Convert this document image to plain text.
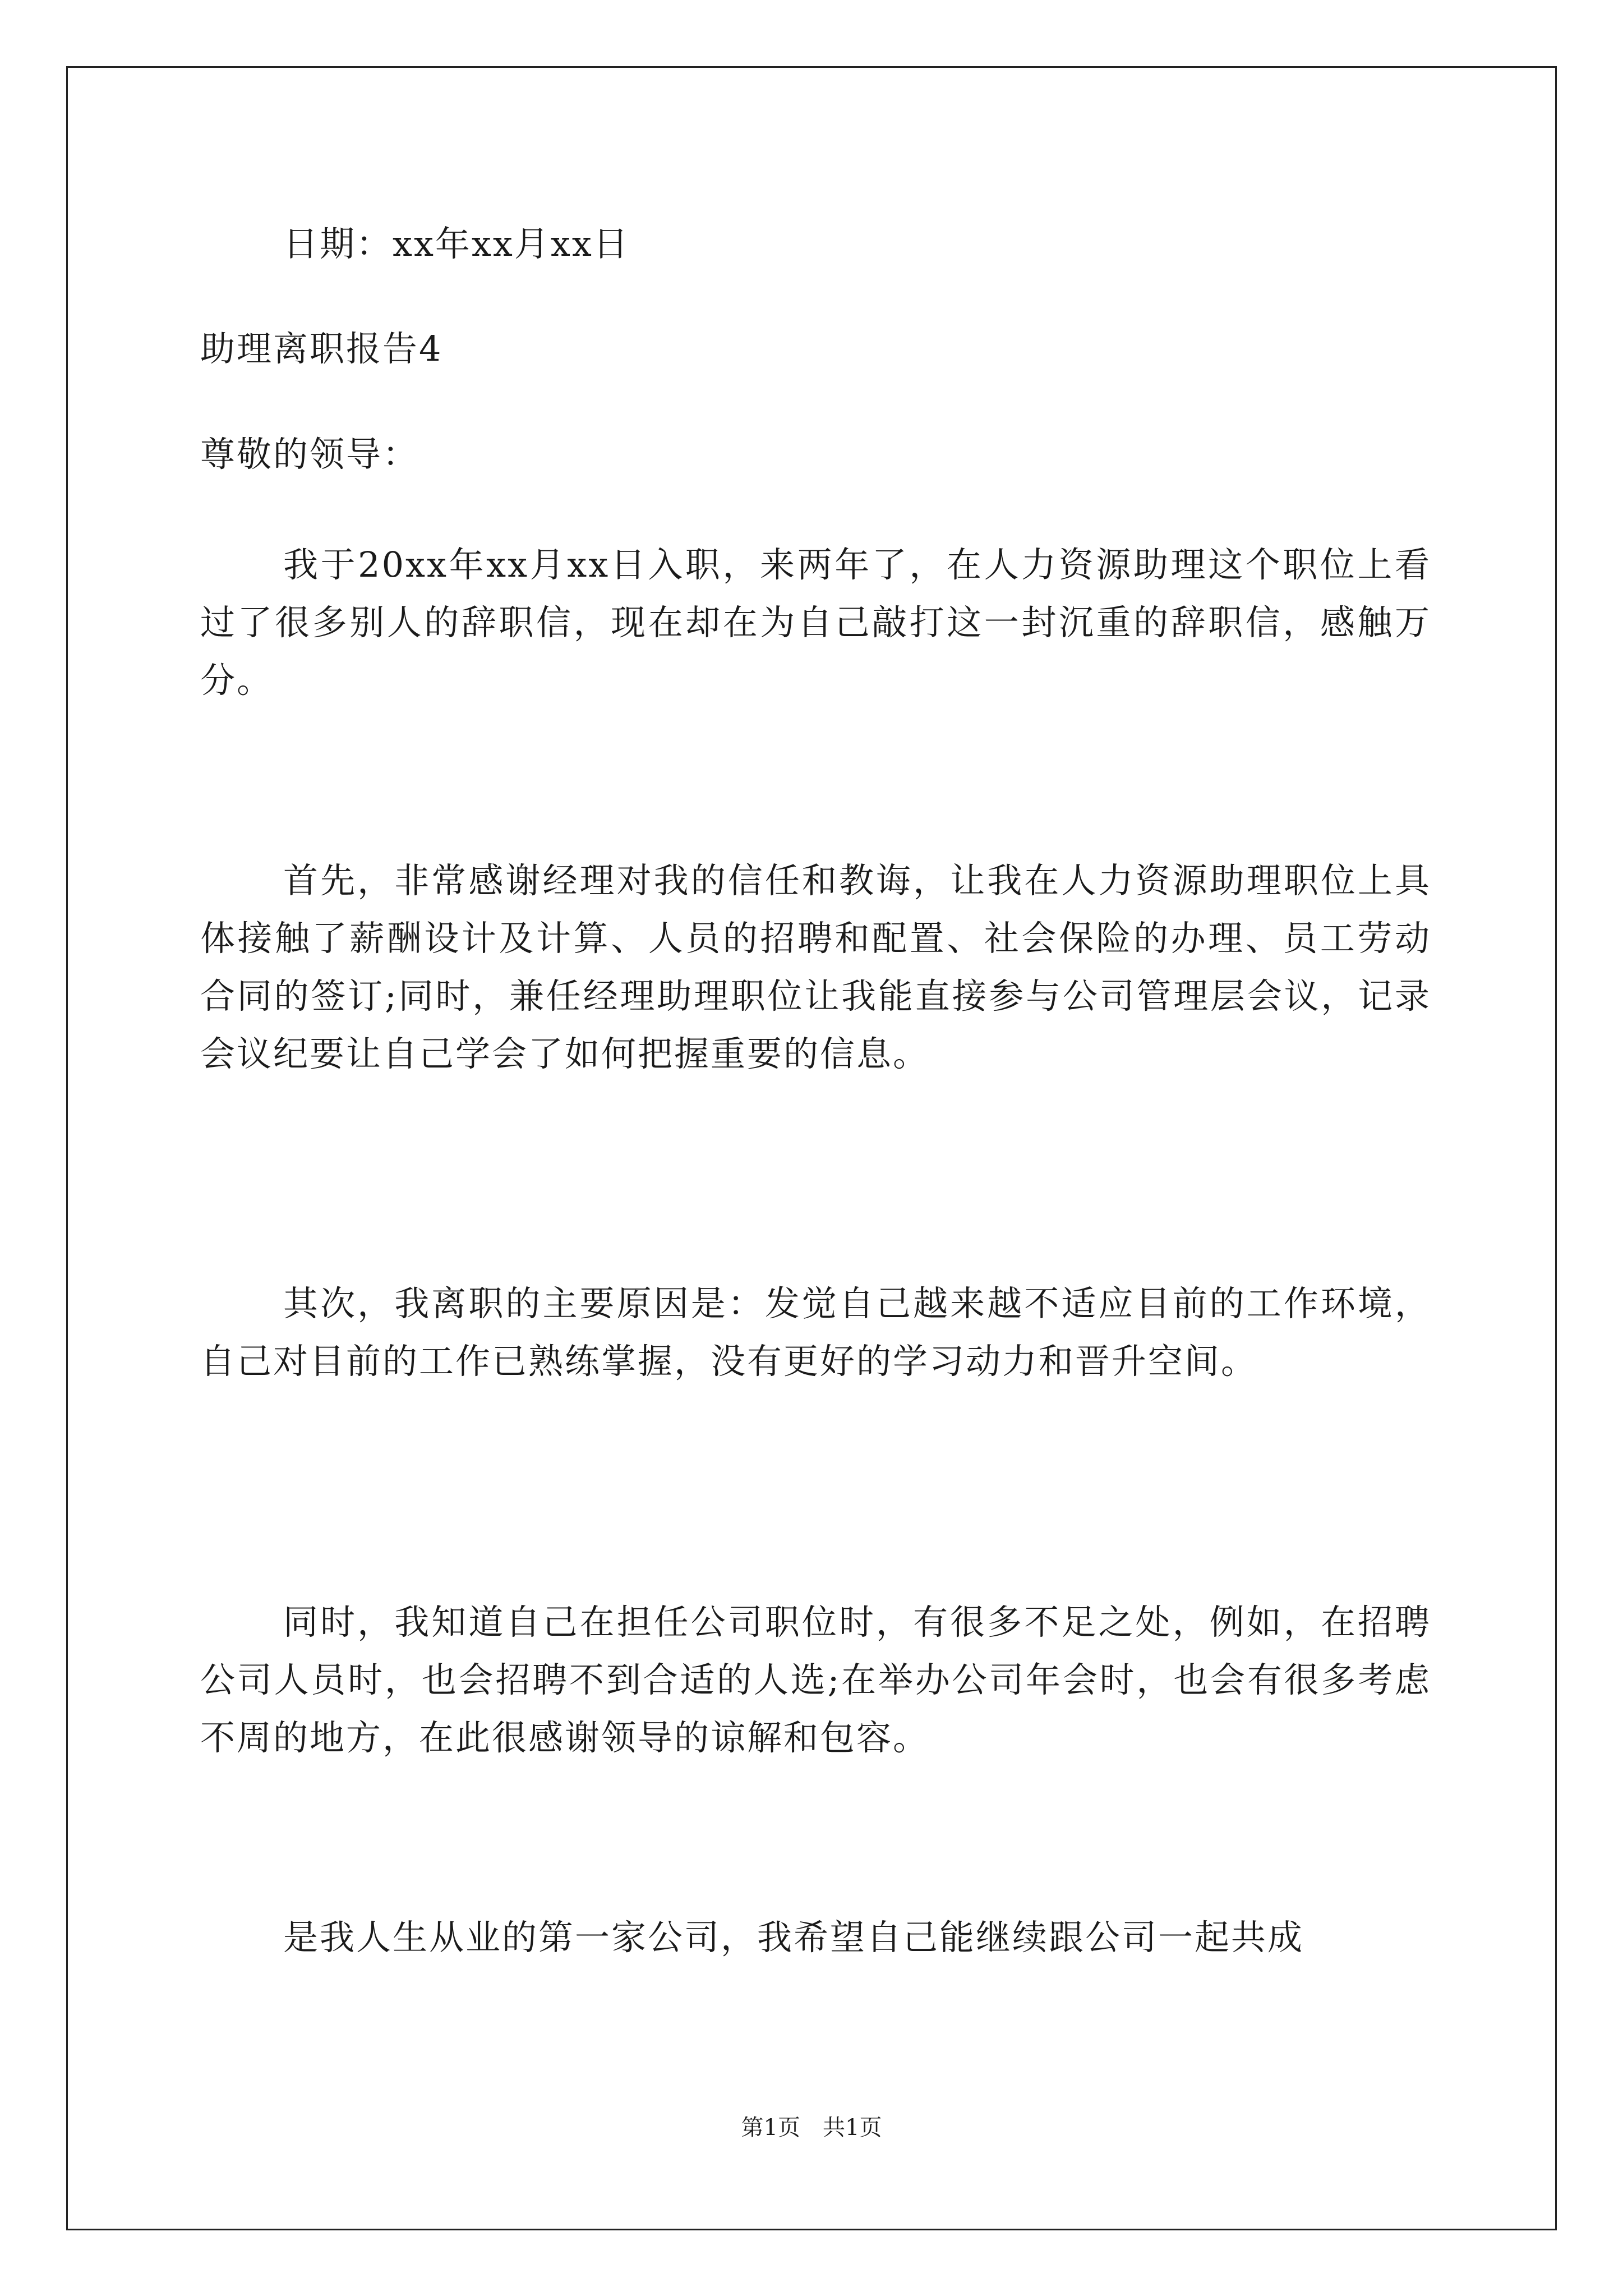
日期：xx年xx月xx日

助理离职报告4

尊敬的领导：

我于20xx年xx月xx日入职，来两年了，在人力资源助理这个职位上看过了很多别人的辞职信，现在却在为自己敲打这一封沉重的辞职信，感触万分。

首先，非常感谢经理对我的信任和教诲，让我在人力资源助理职位上具体接触了薪酬设计及计算、人员的招聘和配置、社会保险的办理、员工劳动合同的签订;同时，兼任经理助理职位让我能直接参与公司管理层会议，记录会议纪要让自己学会了如何把握重要的信息。

其次，我离职的主要原因是：发觉自己越来越不适应目前的工作环境，自己对目前的工作已熟练掌握，没有更好的学习动力和晋升空间。

同时，我知道自己在担任公司职位时，有很多不足之处，例如，在招聘公司人员时，也会招聘不到合适的人选;在举办公司年会时，也会有很多考虑不周的地方，在此很感谢领导的谅解和包容。

是我人生从业的第一家公司，我希望自己能继续跟公司一起共成

第1页　共1页
